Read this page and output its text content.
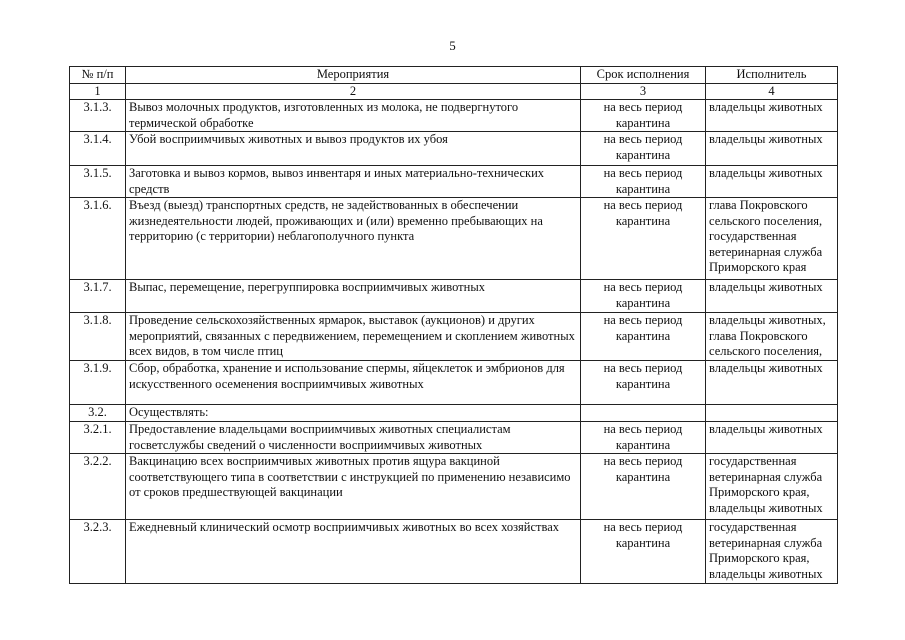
5
№ п/п	Мероприятия	Срок исполнения	Исполнитель
1	2	3	4
3.1.3.	Вывоз молочных продуктов, изготовленных из молока, не подвергнутого термической обработке	на весь период карантина	владельцы животных
3.1.4.	Убой восприимчивых животных и вывоз продуктов их убоя	на весь период карантина	владельцы животных
3.1.5.	Заготовка и вывоз кормов, вывоз инвентаря и иных материально-технических средств	на весь период карантина	владельцы животных
3.1.6.	Въезд (выезд) транспортных средств, не задействованных в обеспечении жизнедеятельности людей, проживающих и (или) временно пребывающих на территорию (с территории) неблагополучного пункта	на весь период карантина	глава Покровского сельского поселения, государственная ветеринарная служба Приморского края
3.1.7.	Выпас, перемещение, перегруппировка восприимчивых животных	на весь период карантина	владельцы животных
3.1.8.	Проведение сельскохозяйственных ярмарок, выставок (аукционов) и других мероприятий, связанных с передвижением, перемещением и скоплением животных всех видов, в том числе птиц	на весь период карантина	владельцы животных, глава Покровского сельского поселения,
3.1.9.	Сбор, обработка, хранение и использование спермы, яйцеклеток и эмбрионов для искусственного осеменения восприимчивых животных	на весь период карантина	владельцы животных
3.2.	Осуществлять:		
3.2.1.	Предоставление владельцами восприимчивых животных специалистам госветслужбы сведений о численности восприимчивых животных	на весь период карантина	владельцы животных
3.2.2.	Вакцинацию всех восприимчивых животных против ящура вакциной соответствующего типа в соответствии с инструкцией по применению независимо от сроков предшествующей вакцинации	на весь период карантина	государственная ветеринарная служба Приморского края, владельцы животных
3.2.3.	Ежедневный клинический осмотр восприимчивых животных во всех хозяйствах	на весь период карантина	государственная ветеринарная служба Приморского края, владельцы животных
